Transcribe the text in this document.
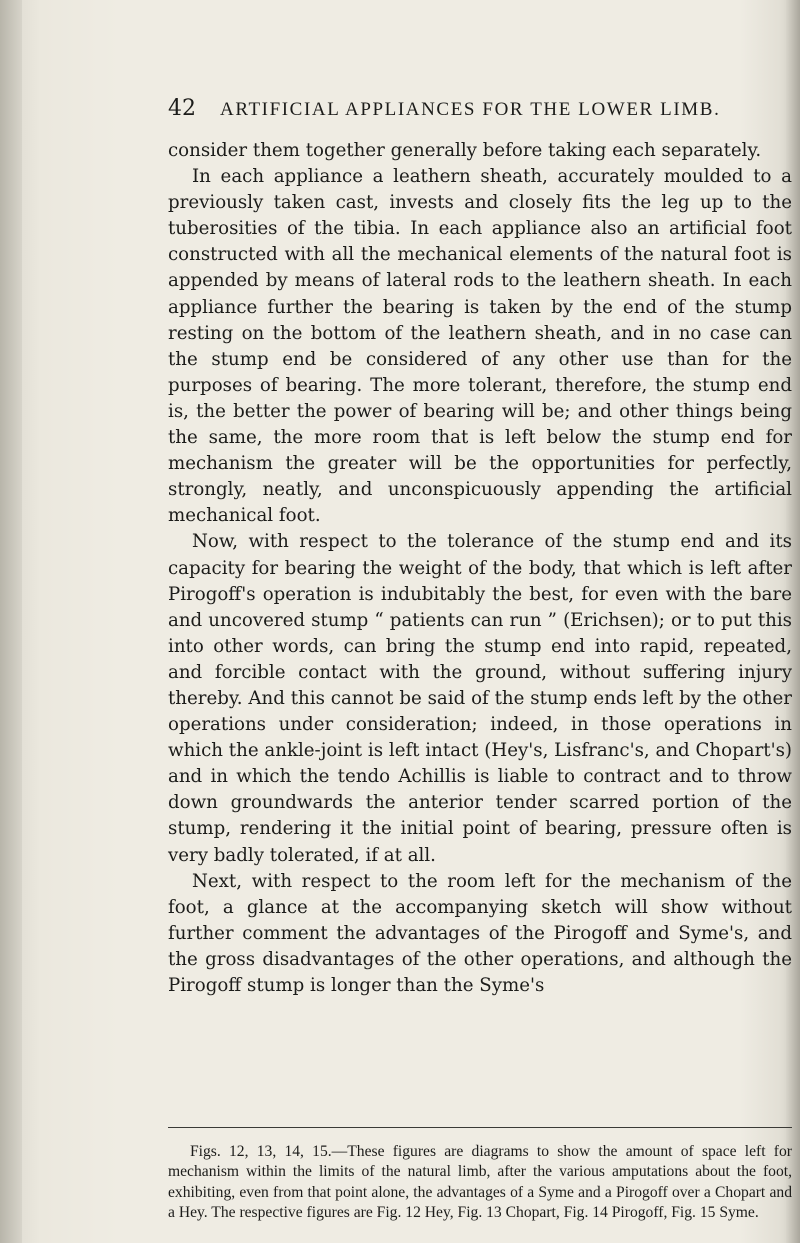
42 ARTIFICIAL APPLIANCES FOR THE LOWER LIMB.

consider them together generally before taking each separately.

In each appliance a leathern sheath, accurately moulded to a previously taken cast, invests and closely fits the leg up to the tuberosities of the tibia. In each appliance also an artificial foot constructed with all the mechanical elements of the natural foot is appended by means of lateral rods to the leathern sheath. In each appliance further the bearing is taken by the end of the stump resting on the bottom of the leathern sheath, and in no case can the stump end be considered of any other use than for the purposes of bearing. The more tolerant, therefore, the stump end is, the better the power of bearing will be; and other things being the same, the more room that is left below the stump end for mechanism the greater will be the opportunities for perfectly, strongly, neatly, and unconspicuously appending the artificial mechanical foot.

Now, with respect to the tolerance of the stump end and its capacity for bearing the weight of the body, that which is left after Pirogoff's operation is indubitably the best, for even with the bare and uncovered stump “ patients can run ” (Erichsen); or to put this into other words, can bring the stump end into rapid, repeated, and forcible contact with the ground, without suffering injury thereby. And this cannot be said of the stump ends left by the other operations under consideration; indeed, in those operations in which the ankle-joint is left intact (Hey's, Lisfranc's, and Chopart's) and in which the tendo Achillis is liable to contract and to throw down groundwards the anterior tender scarred portion of the stump, rendering it the initial point of bearing, pressure often is very badly tolerated, if at all.

Next, with respect to the room left for the mechanism of the foot, a glance at the accompanying sketch will show without further comment the advantages of the Pirogoff and Syme's, and the gross disadvantages of the other operations, and although the Pirogoff stump is longer than the Syme's

Figs. 12, 13, 14, 15.—These figures are diagrams to show the amount of space left for mechanism within the limits of the natural limb, after the various amputations about the foot, exhibiting, even from that point alone, the advantages of a Syme and a Pirogoff over a Chopart and a Hey. The respective figures are Fig. 12 Hey, Fig. 13 Chopart, Fig. 14 Pirogoff, Fig. 15 Syme.
